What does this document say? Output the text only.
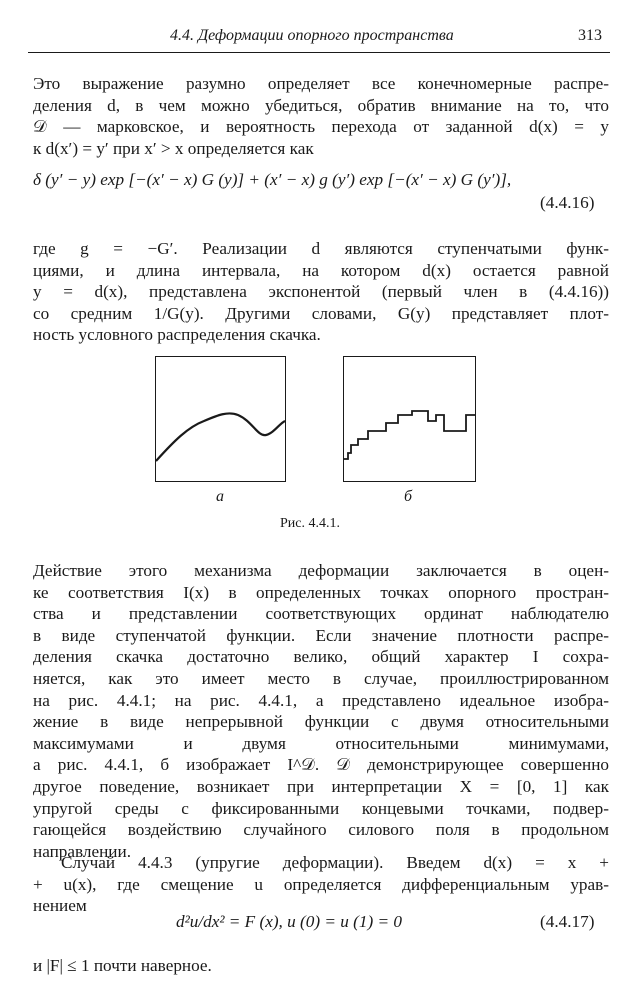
4.4. Деформации опорного пространства	313
Это выражение разумно определяет все конечномерные распре-
деления d, в чем можно убедиться, обратив внимание на то, что
𝒟 — марковское, и вероятность перехода от заданной d(x) = y
к d(x′) = y′ при x′ > x определяется как
δ (y′ − y) exp [−(x′ − x) G (y)] + (x′ − x) g (y′) exp [−(x′ − x) G (y′)],
(4.4.16)
где g = −G′. Реализации d являются ступенчатыми функ-
циями, и длина интервала, на котором d(x) остается равной
y = d(x), представлена экспонентой (первый член в (4.4.16))
со средним 1/G(y). Другими словами, G(y) представляет плот-
ность условного распределения скачка.
а	б
Рис. 4.4.1.
Действие этого механизма деформации заключается в оцен-
ке соответствия I(x) в определенных точках опорного простран-
ства и представлении соответствующих ординат наблюдателю
в виде ступенчатой функции. Если значение плотности распре-
деления скачка достаточно велико, общий характер I сохра-
няется, как это имеет место в случае, проиллюстрированном
на рис. 4.4.1; на рис. 4.4.1, а представлено идеальное изобра-
жение в виде непрерывной функции с двумя относительными
максимумами и двумя относительными минимумами,
а рис. 4.4.1, б изображает I^𝒟. 𝒟 демонстрирующее совершенно
другое поведение, возникает при интерпретации X = [0, 1] как
упругой среды с фиксированными концевыми точками, подвер-
гающейся воздействию случайного силового поля в продольном
направлении.
Случай 4.4.3 (упругие деформации). Введем d(x) = x +
+ u(x), где смещение u определяется дифференциальным урав-
нением
d²u/dx² = F (x), и (0) = u (1) = 0	(4.4.17)
и |F| ≤ 1 почти наверное.
